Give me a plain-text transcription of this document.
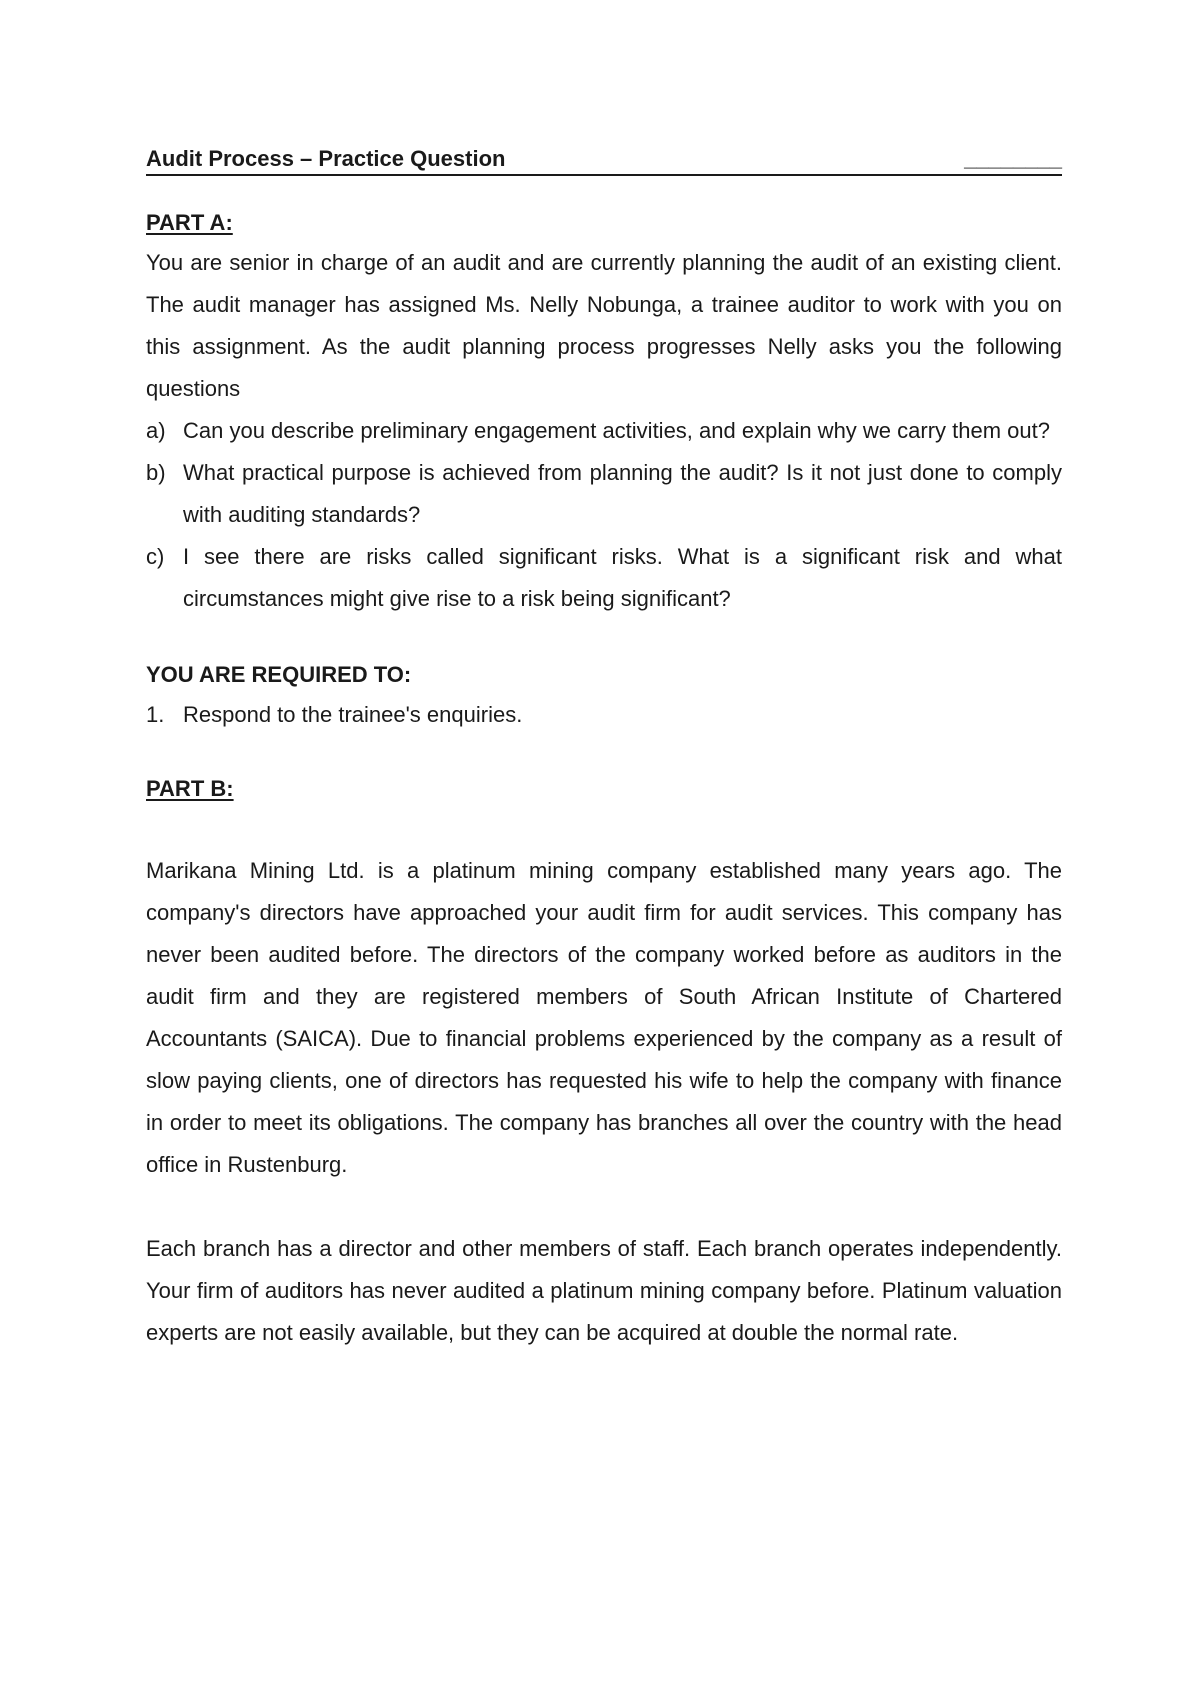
Audit Process – Practice Question	________
PART A:

You are senior in charge of an audit and are currently planning the audit of an existing client. The audit manager has assigned Ms. Nelly Nobunga, a trainee auditor to work with you on this assignment. As the audit planning process progresses Nelly asks you the following questions

a) Can you describe preliminary engagement activities, and explain why we carry them out?
b) What practical purpose is achieved from planning the audit? Is it not just done to comply with auditing standards?
c) I see there are risks called significant risks. What is a significant risk and what circumstances might give rise to a risk being significant?
YOU ARE REQUIRED TO:
1. Respond to the trainee's enquiries.
PART B:

Marikana Mining Ltd. is a platinum mining company established many years ago. The company's directors have approached your audit firm for audit services. This company has never been audited before. The directors of the company worked before as auditors in the audit firm and they are registered members of South African Institute of Chartered Accountants (SAICA). Due to financial problems experienced by the company as a result of slow paying clients, one of directors has requested his wife to help the company with finance in order to meet its obligations. The company has branches all over the country with the head office in Rustenburg.

Each branch has a director and other members of staff. Each branch operates independently. Your firm of auditors has never audited a platinum mining company before. Platinum valuation experts are not easily available, but they can be acquired at double the normal rate.
